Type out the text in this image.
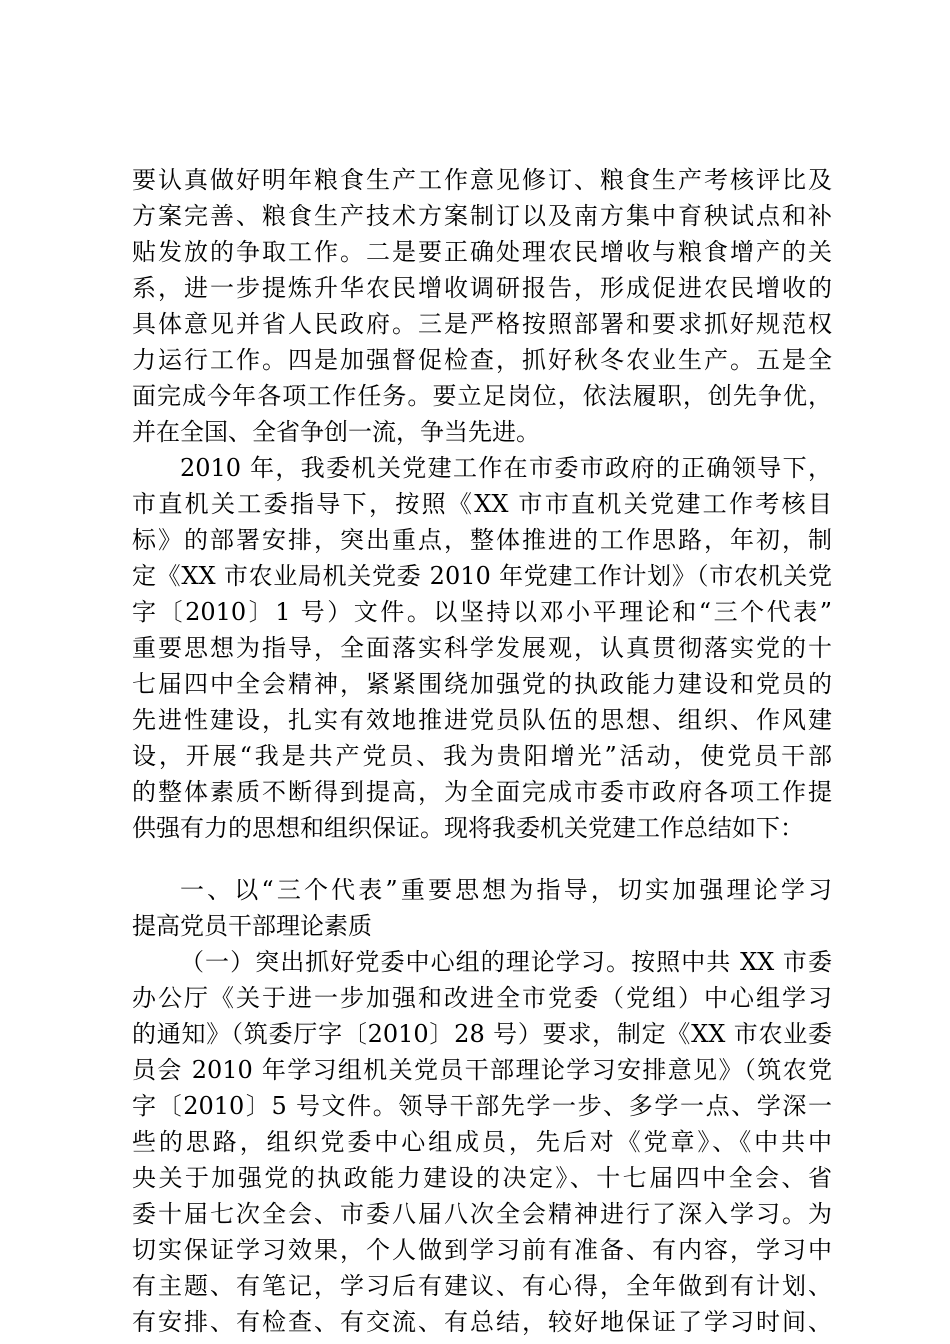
要认真做好明年粮食生产工作意见修订、粮食生产考核评比及
方案完善、粮食生产技术方案制订以及南方集中育秧试点和补
贴发放的争取工作。二是要正确处理农民增收与粮食增产的关
系，进一步提炼升华农民增收调研报告，形成促进农民增收的
具体意见并省人民政府。三是严格按照部署和要求抓好规范权
力运行工作。四是加强督促检查，抓好秋冬农业生产。五是全
面完成今年各项工作任务。要立足岗位，依法履职，创先争优，
并在全国、全省争创一流，争当先进。
2010 年，我委机关党建工作在市委市政府的正确领导下，
市直机关工委指导下，按照《XX 市市直机关党建工作考核目
标》的部署安排，突出重点，整体推进的工作思路，年初，制
定《XX 市农业局机关党委 2010 年党建工作计划》（市农机关党
字〔2010〕1 号）文件。以坚持以邓小平理论和“三个代表”
重要思想为指导，全面落实科学发展观，认真贯彻落实党的十
七届四中全会精神，紧紧围绕加强党的执政能力建设和党员的
先进性建设，扎实有效地推进党员队伍的思想、组织、作风建
设，开展“我是共产党员、我为贵阳增光”活动，使党员干部
的整体素质不断得到提高，为全面完成市委市政府各项工作提
供强有力的思想和组织保证。现将我委机关党建工作总结如下：
一、以“三个代表”重要思想为指导，切实加强理论学习
提高党员干部理论素质
（一）突出抓好党委中心组的理论学习。按照中共 XX 市委
办公厅《关于进一步加强和改进全市党委（党组）中心组学习
的通知》（筑委厅字〔2010〕28 号）要求，制定《XX 市农业委
员会 2010 年学习组机关党员干部理论学习安排意见》（筑农党
字〔2010〕5 号文件。领导干部先学一步、多学一点、学深一
些的思路，组织党委中心组成员，先后对《党章》、《中共中
央关于加强党的执政能力建设的决定》、十七届四中全会、省
委十届七次全会、市委八届八次全会精神进行了深入学习。为
切实保证学习效果，个人做到学习前有准备、有内容，学习中
有主题、有笔记，学习后有建议、有心得，全年做到有计划、
有安排、有检查、有交流、有总结，较好地保证了学习时间、
